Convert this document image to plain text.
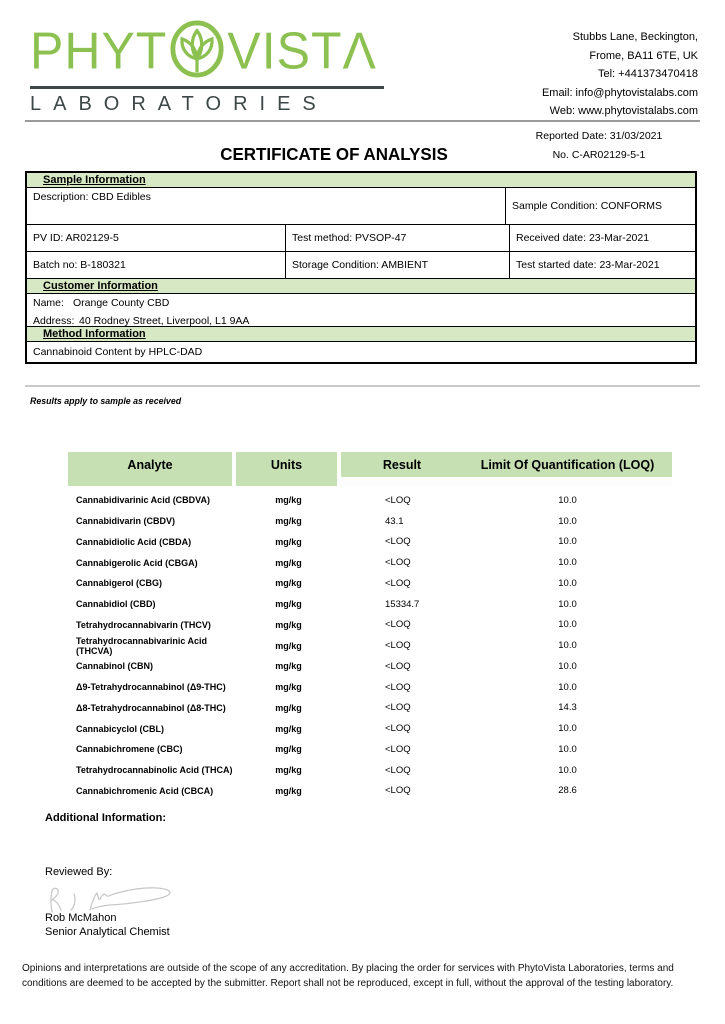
PHYT VISTΛ
LABORATORIES
Stubbs Lane, Beckington,
Frome, BA11 6TE, UK
Tel: +441373470418
Email: info@phytovistalabs.com
Web: www.phytovistalabs.com
Reported Date: 31/03/2021
No. C-AR02129-5-1
CERTIFICATE OF ANALYSIS
Sample Information
Description: CBD Edibles
Sample Condition: CONFORMS
PV ID: AR02129-5	Test method: PVSOP-47	Received date: 23-Mar-2021
Batch no: B-180321	Storage Condition: AMBIENT	Test started date: 23-Mar-2021
Customer Information
Name: Orange County CBD
Address: 40 Rodney Street, Liverpool, L1 9AA
Method Information
Cannabinoid Content by HPLC-DAD
Results apply to sample as received
Analyte	Units	Result	Limit Of Quantification (LOQ)
Cannabidivarinic Acid (CBDVA)	mg/kg	<LOQ	10.0
Cannabidivarin (CBDV)	mg/kg	43.1	10.0
Cannabidiolic Acid (CBDA)	mg/kg	<LOQ	10.0
Cannabigerolic Acid (CBGA)	mg/kg	<LOQ	10.0
Cannabigerol (CBG)	mg/kg	<LOQ	10.0
Cannabidiol (CBD)	mg/kg	15334.7	10.0
Tetrahydrocannabivarin (THCV)	mg/kg	<LOQ	10.0
Tetrahydrocannabivarinic Acid (THCVA)	mg/kg	<LOQ	10.0
Cannabinol (CBN)	mg/kg	<LOQ	10.0
Δ9-Tetrahydrocannabinol (Δ9-THC)	mg/kg	<LOQ	10.0
Δ8-Tetrahydrocannabinol (Δ8-THC)	mg/kg	<LOQ	14.3
Cannabicyclol (CBL)	mg/kg	<LOQ	10.0
Cannabichromene (CBC)	mg/kg	<LOQ	10.0
Tetrahydrocannabinolic Acid (THCA)	mg/kg	<LOQ	10.0
Cannabichromenic Acid (CBCA)	mg/kg	<LOQ	28.6
Additional Information:
Reviewed By:
Rob McMahon
Senior Analytical Chemist
Opinions and interpretations are outside of the scope of any accreditation. By placing the order for services with PhytoVista Laboratories, terms and conditions are deemed to be accepted by the submitter. Report shall not be reproduced, except in full, without the approval of the testing laboratory.
